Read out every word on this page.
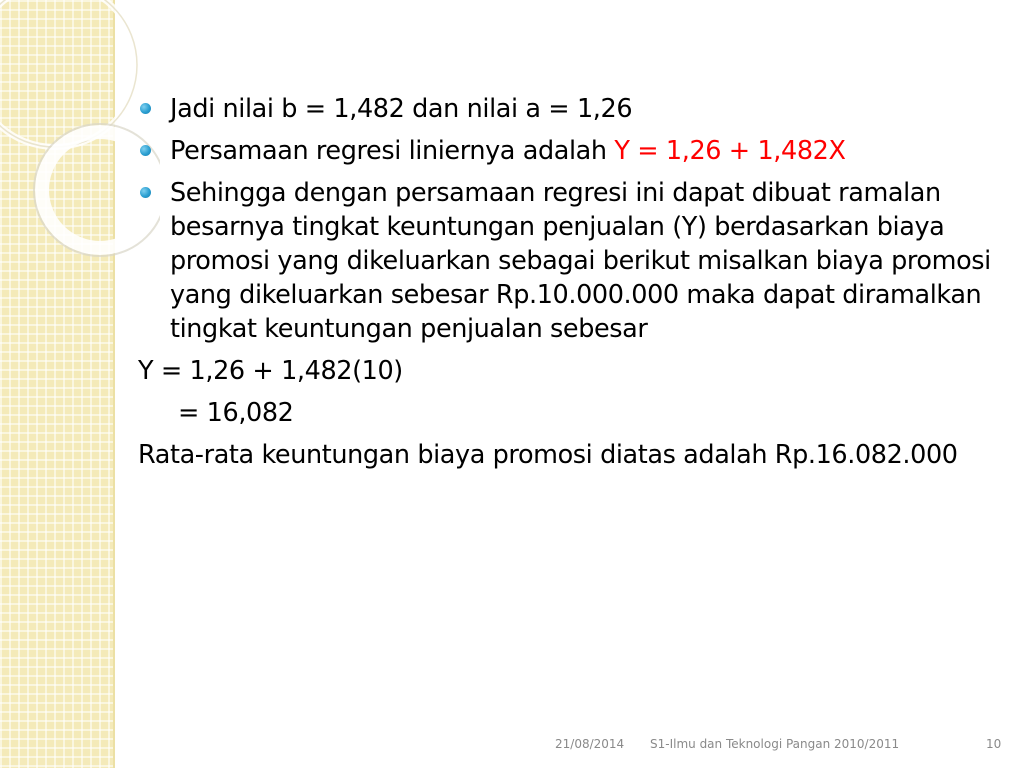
Jadi nilai b = 1,482 dan nilai a = 1,26
Persamaan regresi liniernya adalah Y = 1,26 + 1,482X
Sehingga dengan persamaan regresi ini dapat dibuat ramalan besarnya tingkat keuntungan penjualan (Y) berdasarkan biaya promosi yang dikeluarkan sebagai berikut misalkan biaya promosi yang dikeluarkan sebesar Rp.10.000.000 maka dapat diramalkan tingkat keuntungan penjualan sebesar
Y = 1,26 + 1,482(10)
= 16,082
Rata-rata keuntungan biaya promosi diatas adalah Rp.16.082.000
21/08/2014 S1-Ilmu dan Teknologi Pangan 2010/2011	10
